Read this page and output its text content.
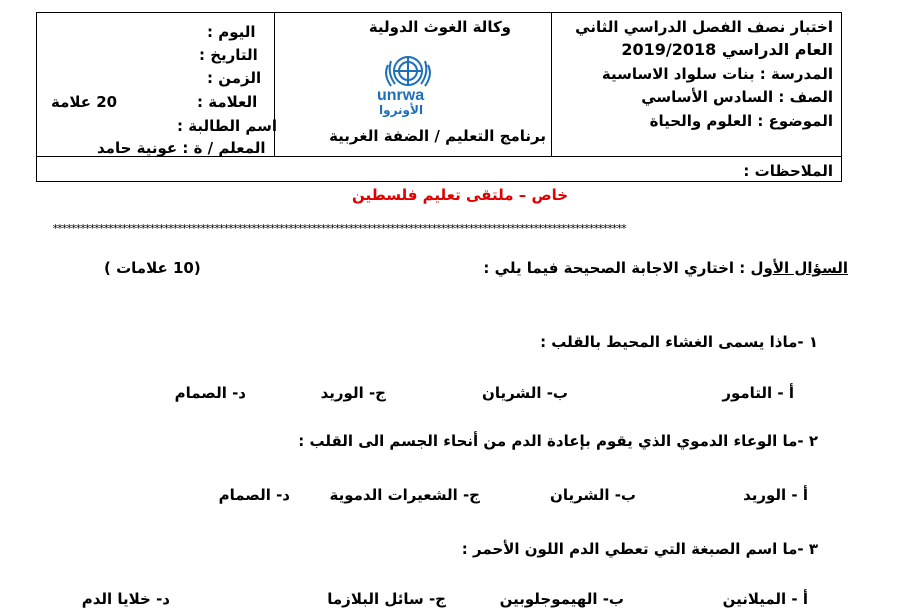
اختبار نصف الفصل الدراسي الثاني
العام الدراسي 2019/2018
المدرسة : بنات سلواد الاساسية
الصف : السادس الأساسي
الموضوع : العلوم والحياة
وكالة الغوث الدولية
unrwa
الأونروا
برنامج التعليم / الضفة الغربية
اليوم :
التاريخ :
الزمن :
العلامة :
20 علامة
اسم الطالبة :
المعلم / ة : عونية حامد
الملاحظات :
خاص – ملتقى تعليم فلسطين
****************************************************************************************************************************
السؤال الأول : اختاري الاجابة الصحيحة فيما يلي :
(10 علامات )
١ -ماذا يسمى الغشاء المحيط بالقلب :
أ - التامور
ب- الشريان
ج- الوريد
د- الصمام
٢ -ما الوعاء الدموي الذي يقوم بإعادة الدم من أنحاء الجسم الى القلب :
أ - الوريد
ب- الشريان
ج- الشعيرات الدموية
د- الصمام
٣ -ما اسم الصبغة التي تعطي الدم اللون الأحمر :
أ - الميلانين
ب- الهيموجلوبين
ج- سائل البلازما
د- خلايا الدم
